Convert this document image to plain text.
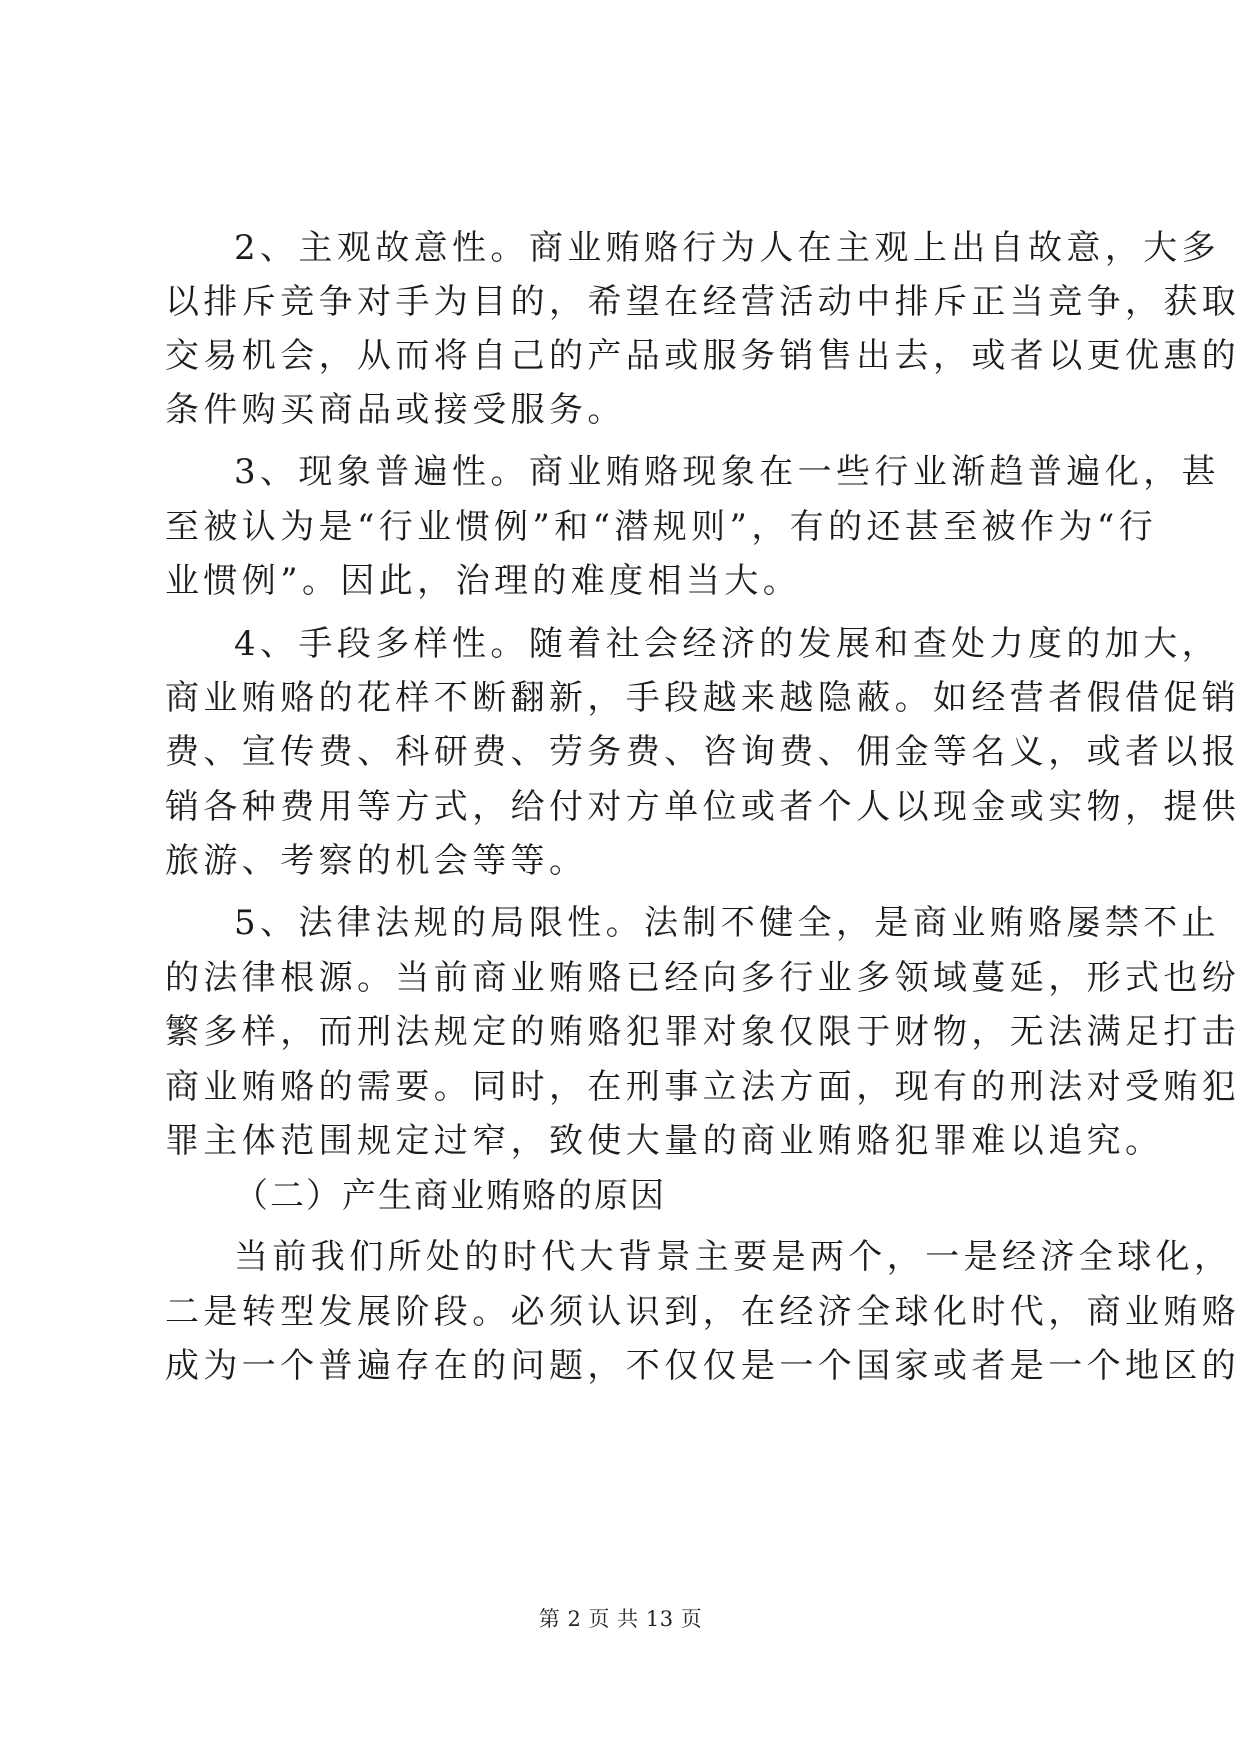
2、主观故意性。商业贿赂行为人在主观上出自故意，大多
以排斥竞争对手为目的，希望在经营活动中排斥正当竞争，获取
交易机会，从而将自己的产品或服务销售出去，或者以更优惠的
条件购买商品或接受服务。
3、现象普遍性。商业贿赂现象在一些行业渐趋普遍化，甚
至被认为是“行业惯例”和“潜规则”，有的还甚至被作为“行
业惯例”。因此，治理的难度相当大。
4、手段多样性。随着社会经济的发展和查处力度的加大，
商业贿赂的花样不断翻新，手段越来越隐蔽。如经营者假借促销
费、宣传费、科研费、劳务费、咨询费、佣金等名义，或者以报
销各种费用等方式，给付对方单位或者个人以现金或实物，提供
旅游、考察的机会等等。
5、法律法规的局限性。法制不健全，是商业贿赂屡禁不止
的法律根源。当前商业贿赂已经向多行业多领域蔓延，形式也纷
繁多样，而刑法规定的贿赂犯罪对象仅限于财物，无法满足打击
商业贿赂的需要。同时，在刑事立法方面，现有的刑法对受贿犯
罪主体范围规定过窄，致使大量的商业贿赂犯罪难以追究。
（二）产生商业贿赂的原因
当前我们所处的时代大背景主要是两个，一是经济全球化，
二是转型发展阶段。必须认识到，在经济全球化时代，商业贿赂
成为一个普遍存在的问题，不仅仅是一个国家或者是一个地区的
第 2 页 共 13 页
